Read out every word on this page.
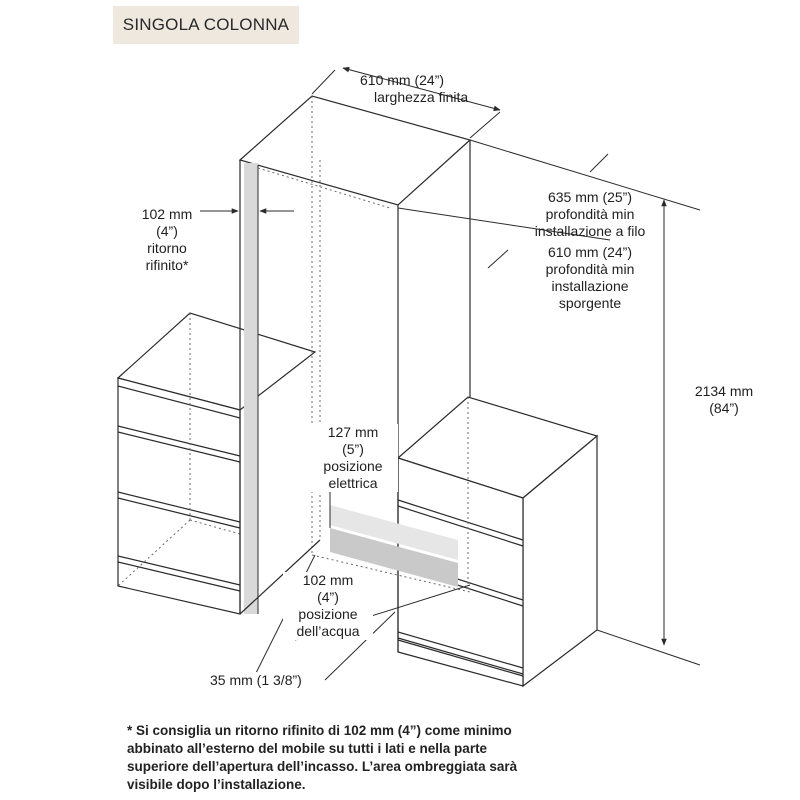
SINGOLA COLONNA
610 mm (24”)
larghezza finita
635 mm (25”)
profondità min
installazione a filo
610 mm (24”)
profondità min
installazione
sporgente
2134 mm
(84”)
102 mm
(4”)
ritorno
rifinito*
127 mm
(5”)
posizione
elettrica
102 mm
(4”)
posizione
dell’acqua
35 mm (1 3/8”)
* Si consiglia un ritorno rifinito di 102 mm (4”) come minimo
abbinato all’esterno del mobile su tutti i lati e nella parte
superiore dell’apertura dell’incasso. L’area ombreggiata sarà
visibile dopo l’installazione.
